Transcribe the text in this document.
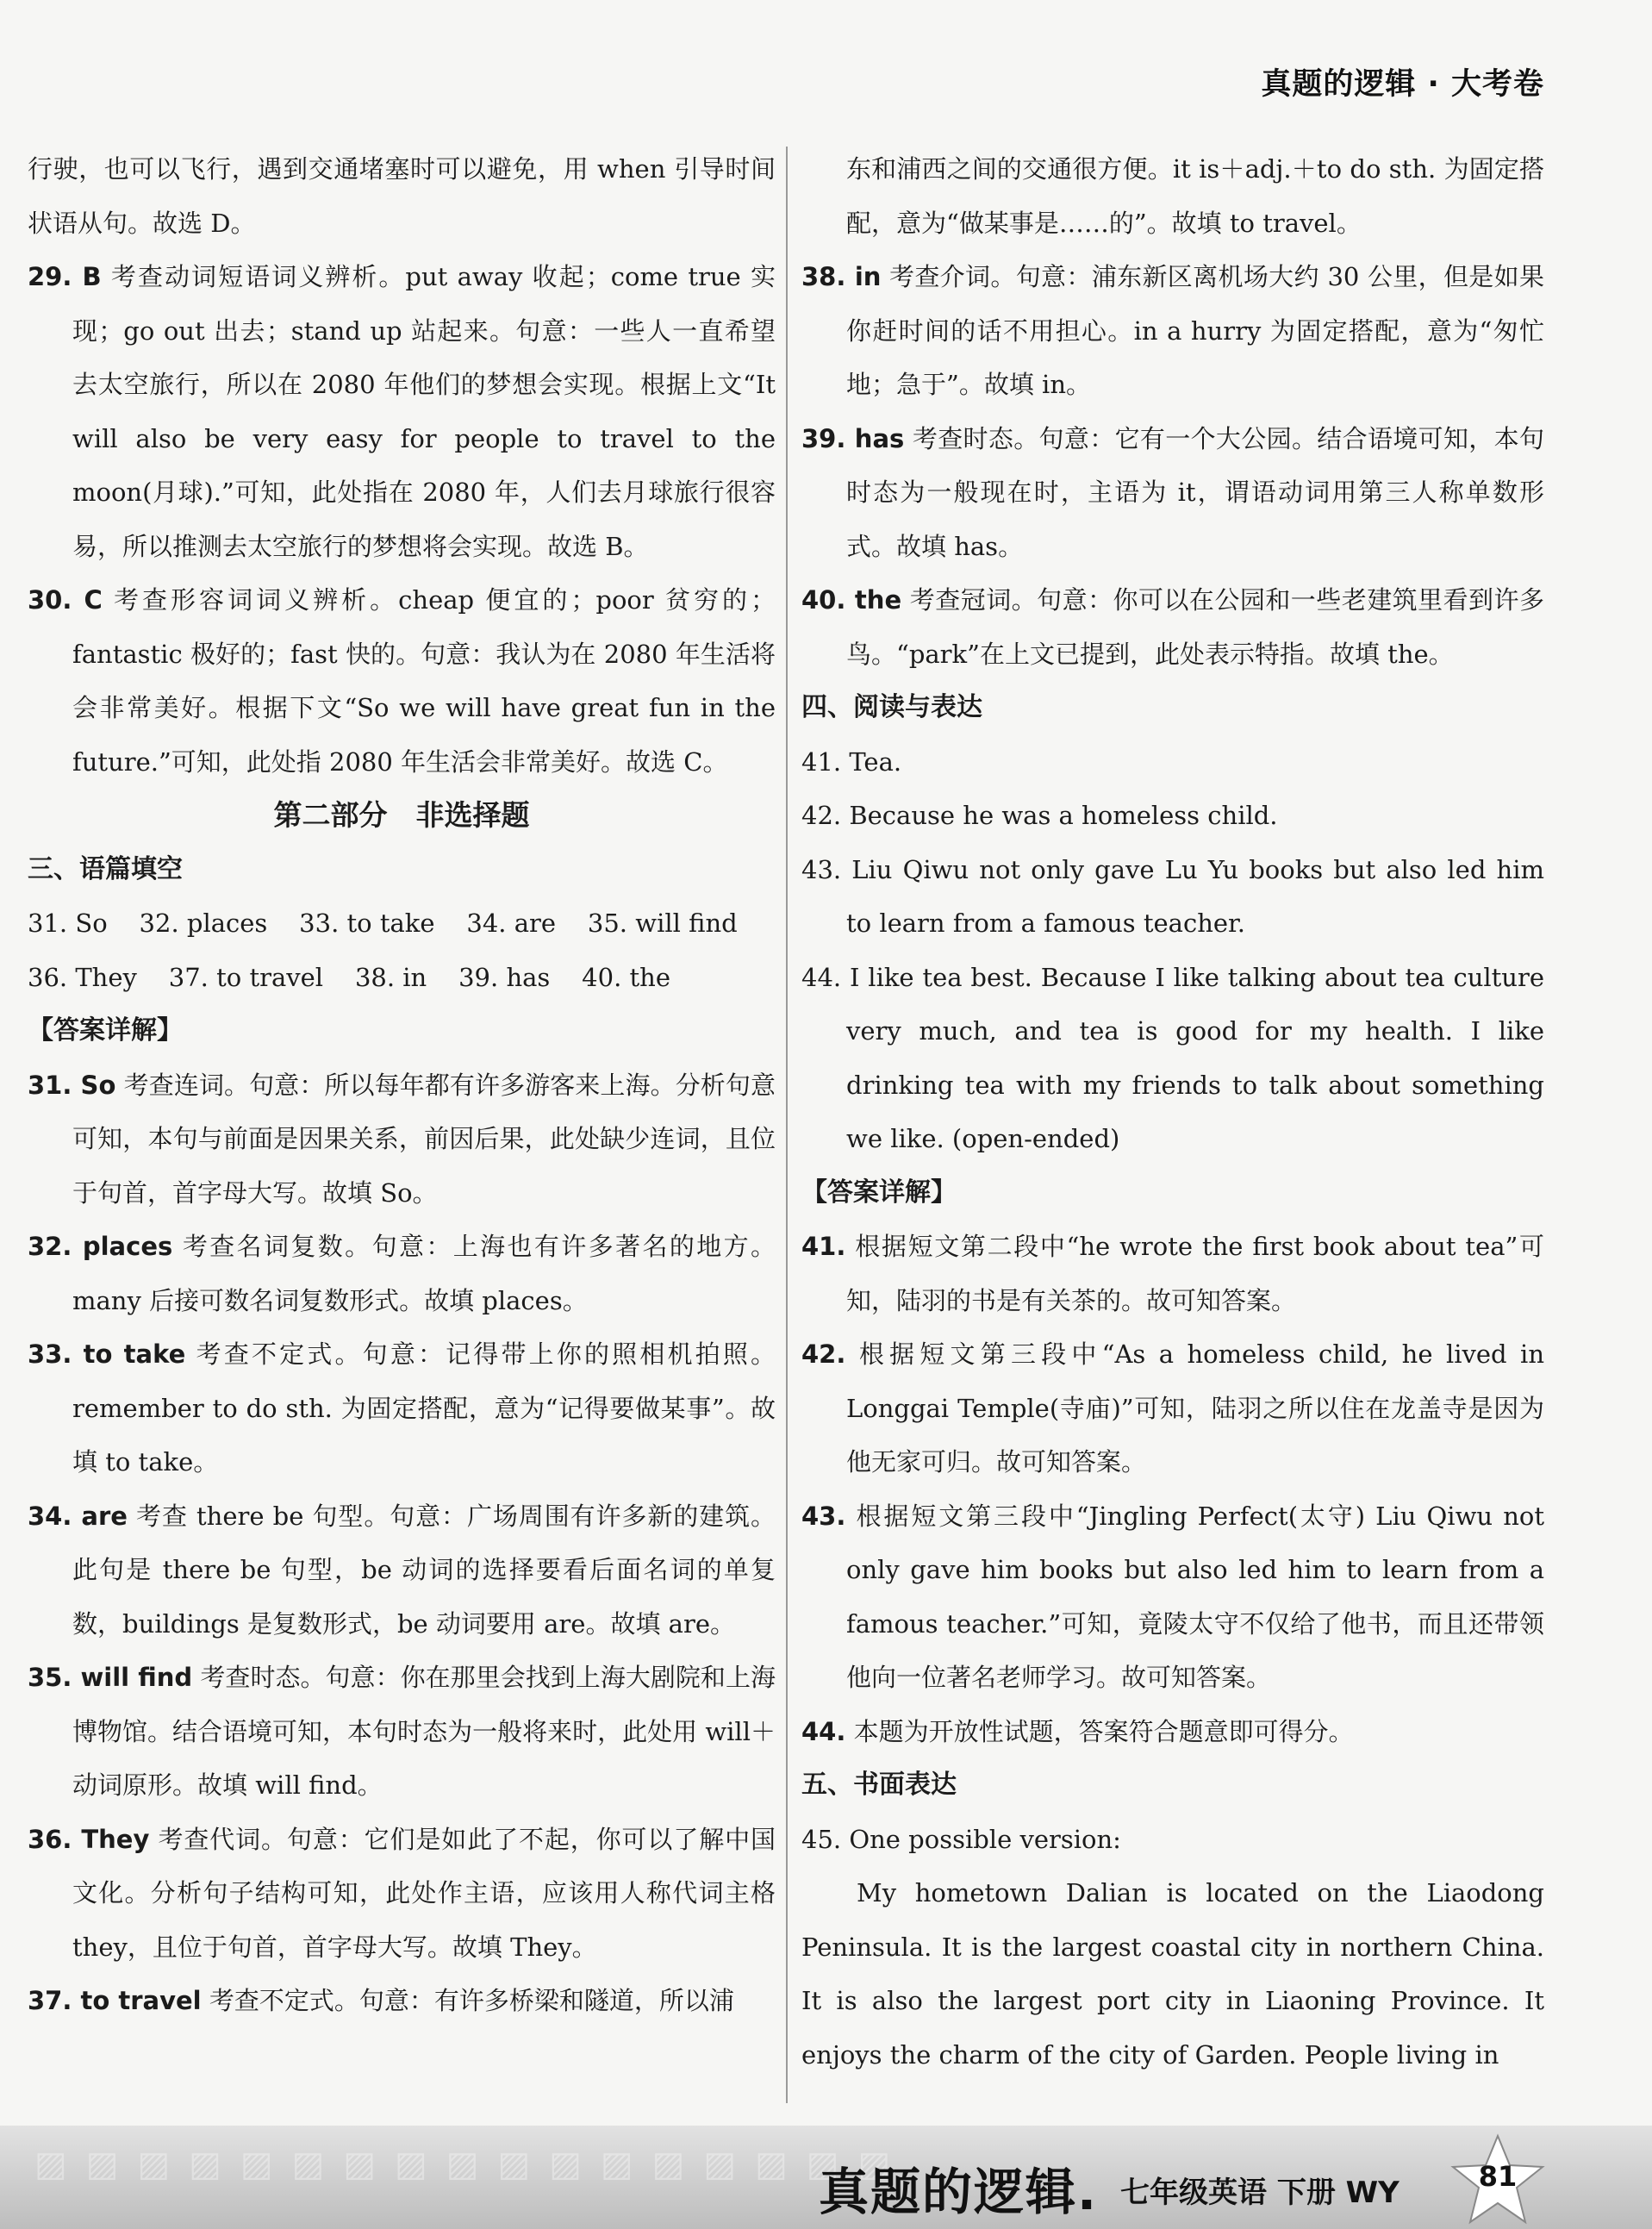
真题的逻辑 · 大考卷

行驶，也可以飞行，遇到交通堵塞时可以避免，用 when 引导时间状语从句。故选 D。

29. B 考查动词短语词义辨析。put away 收起；come true 实现；go out 出去；stand up 站起来。句意：一些人一直希望去太空旅行，所以在 2080 年他们的梦想会实现。根据上文“It will also be very easy for people to travel to the moon(月球).”可知，此处指在 2080 年，人们去月球旅行很容易，所以推测去太空旅行的梦想将会实现。故选 B。

30. C 考查形容词词义辨析。cheap 便宜的；poor 贫穷的；fantastic 极好的；fast 快的。句意：我认为在 2080 年生活将会非常美好。根据下文“So we will have great fun in the future.”可知，此处指 2080 年生活会非常美好。故选 C。

第二部分　非选择题

三、语篇填空

31. So    32. places    33. to take    34. are    35. will find

36. They    37. to travel    38. in    39. has    40. the

【答案详解】

31. So 考查连词。句意：所以每年都有许多游客来上海。分析句意可知，本句与前面是因果关系，前因后果，此处缺少连词，且位于句首，首字母大写。故填 So。

32. places 考查名词复数。句意：上海也有许多著名的地方。many 后接可数名词复数形式。故填 places。

33. to take 考查不定式。句意：记得带上你的照相机拍照。remember to do sth. 为固定搭配，意为“记得要做某事”。故填 to take。

34. are 考查 there be 句型。句意：广场周围有许多新的建筑。此句是 there be 句型，be 动词的选择要看后面名词的单复数，buildings 是复数形式，be 动词要用 are。故填 are。

35. will find 考查时态。句意：你在那里会找到上海大剧院和上海博物馆。结合语境可知，本句时态为一般将来时，此处用 will＋动词原形。故填 will find。

36. They 考查代词。句意：它们是如此了不起，你可以了解中国文化。分析句子结构可知，此处作主语，应该用人称代词主格 they，且位于句首，首字母大写。故填 They。

37. to travel 考查不定式。句意：有许多桥梁和隧道，所以浦

东和浦西之间的交通很方便。it is＋adj.＋to do sth. 为固定搭配，意为“做某事是……的”。故填 to travel。

38. in 考查介词。句意：浦东新区离机场大约 30 公里，但是如果你赶时间的话不用担心。in a hurry 为固定搭配，意为“匆忙地；急于”。故填 in。

39. has 考查时态。句意：它有一个大公园。结合语境可知，本句时态为一般现在时，主语为 it，谓语动词用第三人称单数形式。故填 has。

40. the 考查冠词。句意：你可以在公园和一些老建筑里看到许多鸟。“park”在上文已提到，此处表示特指。故填 the。

四、阅读与表达

41. Tea.

42. Because he was a homeless child.

43. Liu Qiwu not only gave Lu Yu books but also led him to learn from a famous teacher.

44. I like tea best. Because I like talking about tea culture very much, and tea is good for my health. I like drinking tea with my friends to talk about something we like. (open-ended)

【答案详解】

41. 根据短文第二段中“he wrote the first book about tea”可知，陆羽的书是有关茶的。故可知答案。

42. 根据短文第三段中“As a homeless child, he lived in Longgai Temple(寺庙)”可知，陆羽之所以住在龙盖寺是因为他无家可归。故可知答案。

43. 根据短文第三段中“Jingling Perfect(太守) Liu Qiwu not only gave him books but also led him to learn from a famous teacher.”可知，竟陵太守不仅给了他书，而且还带领他向一位著名老师学习。故可知答案。

44. 本题为开放性试题，答案符合题意即可得分。

五、书面表达

45. One possible version:

My hometown Dalian is located on the Liaodong Peninsula. It is the largest coastal city in northern China. It is also the largest port city in Liaoning Province. It enjoys the charm of the city of Garden. People living in

▨ ▨ ▨ ▨ ▨ ▨ ▨ ▨ ▨ ▨ ▨ ▨ ▨ ▨ ▨ ▨ ▨
真题的逻辑. 七年级英语 下册 WY	81
